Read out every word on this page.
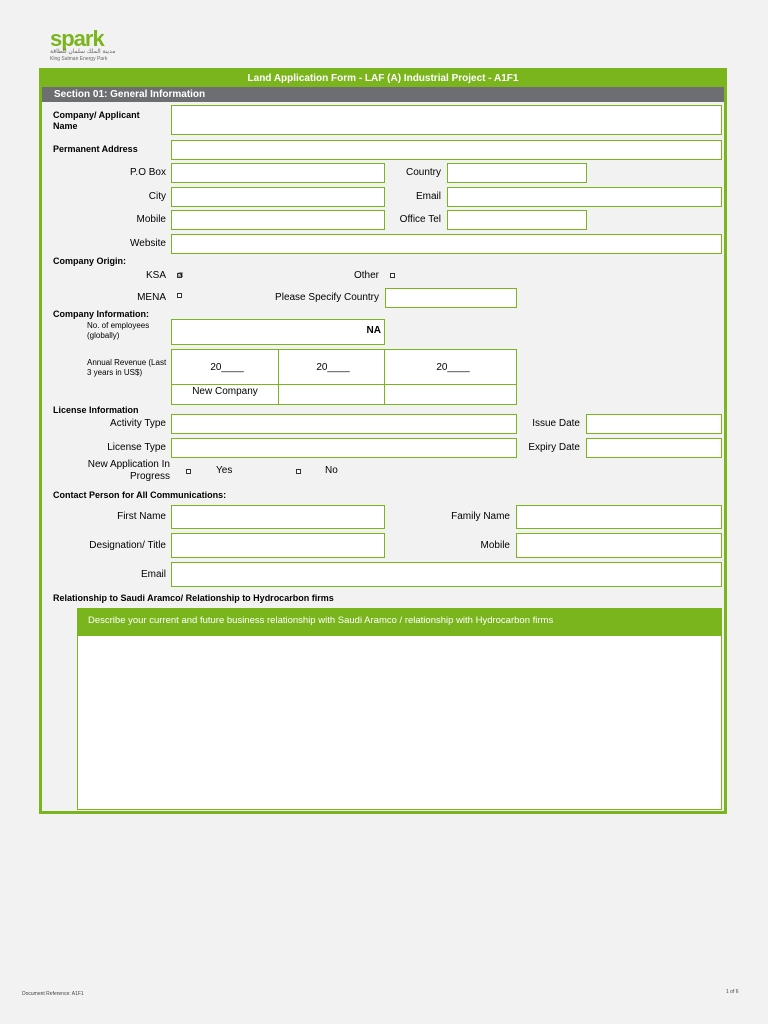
spark
مدينة الملك سلمان للطاقة
King Salman Energy Park
Land Application Form - LAF (A) Industrial Project - A1F1
Section 01: General Information
Company/ Applicant Name
Permanent Address
P.O Box	Country
City	Email
Mobile	Office Tel
Website
Company Origin:
KSA ☒	Other
MENA	Please Specify Country
Company Information:
No. of employees (globally)	NA
Annual Revenue (Last 3 years in US$)	20____	20____	20____
New Company
License Information
Activity Type	Issue Date
License Type	Expiry Date
New Application In Progress
Yes	No
Contact Person for All Communications:
First Name	Family Name
Designation/ Title	Mobile
Email
Relationship to Saudi Aramco/ Relationship to Hydrocarbon firms
Describe your current and future business relationship with Saudi Aramco / relationship with Hydrocarbon firms
Document Reference: A1F1	1 of 6
